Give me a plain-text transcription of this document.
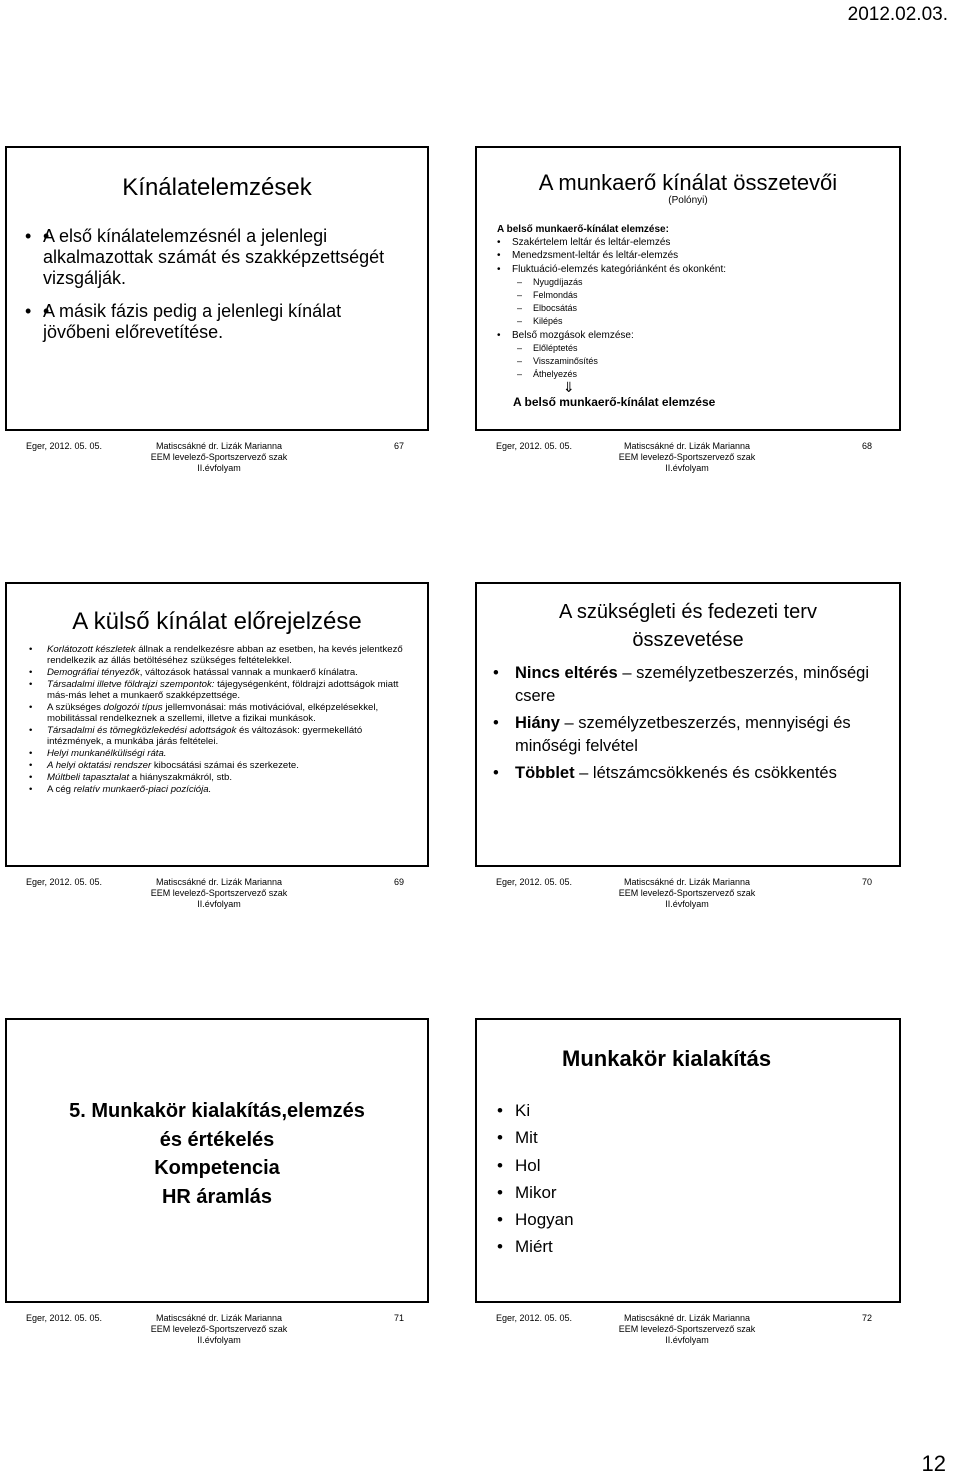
2012.02.03.
Kínálatelemzések
• • A első kínálatelemzésnél a jelenlegi alkalmazottak számát és szakképzettségét vizsgálják.
• • A másik fázis pedig a jelenlegi kínálat jövőbeni előrevetítése.
Eger, 2012. 05. 05.	Matiscsákné dr. Lizák Marianna
EEM levelező-Sportszervező szak
II.évfolyam
67
A munkaerő kínálat összetevői
(Polónyi)
A belső munkaerő-kínálat elemzése:
• Szakértelem leltár és leltár-elemzés
• Menedzsment-leltár és leltár-elemzés
• Fluktuáció-elemzés kategóriánként és okonként:
– Nyugdíjazás
– Felmondás
– Elbocsátás
– Kilépés
• Belső mozgások elemzése:
– Előléptetés
– Visszaminősítés
– Áthelyezés
⇓
A belső munkaerő-kínálat elemzése
Eger, 2012. 05. 05.	Matiscsákné dr. Lizák Marianna
EEM levelező-Sportszervező szak
II.évfolyam
68
A külső kínálat előrejelzése
• Korlátozott készletek állnak a rendelkezésre abban az esetben, ha kevés jelentkező rendelkezik az állás betöltéséhez szükséges feltételekkel.
• Demográfiai tényezők, változások hatással vannak a munkaerő kínálatra.
• Társadalmi illetve földrajzi szempontok: tájegységenként, földrajzi adottságok miatt más-más lehet a munkaerő szakképzettsége.
• A szükséges dolgozói típus jellemvonásai: más motivációval, elképzelésekkel, mobilitással rendelkeznek a szellemi, illetve a fizikai munkások.
• Társadalmi és tömegközlekedési adottságok és változások: gyermekellátó intézmények, a munkába járás feltételei.
• Helyi munkanélküliségi ráta.
• A helyi oktatási rendszer kibocsátási számai és szerkezete.
• Múltbeli tapasztalat a hiányszakmákról, stb.
• A cég relatív munkaerő-piaci pozíciója.
Eger, 2012. 05. 05.	Matiscsákné dr. Lizák Marianna
EEM levelező-Sportszervező szak
II.évfolyam
69
A szükségleti és fedezeti terv összevetése
• Nincs eltérés – személyzetbeszerzés, minőségi csere
• Hiány – személyzetbeszerzés, mennyiségi és minőségi felvétel
• Többlet – létszámcsökkenés és csökkentés
Eger, 2012. 05. 05.	Matiscsákné dr. Lizák Marianna
EEM levelező-Sportszervező szak
II.évfolyam
70
5. Munkakör kialakítás,elemzés
és értékelés
Kompetencia
HR áramlás
Eger, 2012. 05. 05.	Matiscsákné dr. Lizák Marianna
EEM levelező-Sportszervező szak
II.évfolyam
71
Munkakör kialakítás
• Ki
• Mit
• Hol
• Mikor
• Hogyan
• Miért
Eger, 2012. 05. 05.	Matiscsákné dr. Lizák Marianna
EEM levelező-Sportszervező szak
II.évfolyam
72
12
